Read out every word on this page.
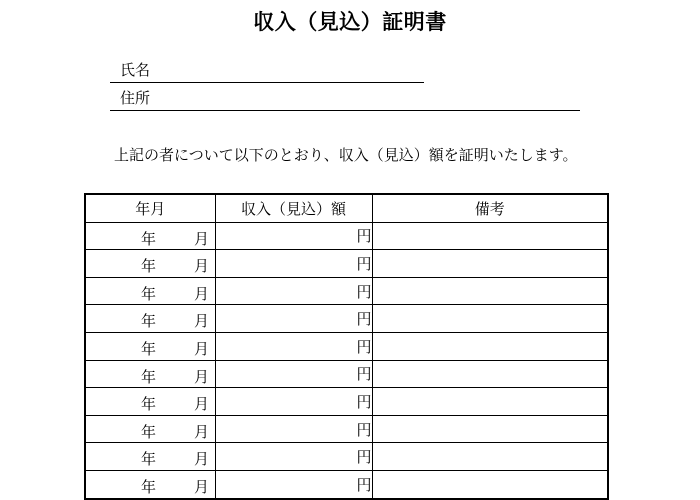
収入（見込）証明書
氏名
住所
上記の者について以下のとおり、収入（見込）額を証明いたします。
年月	収入（見込）額	備考

年 月	円	

年 月	円	

年 月	円	

年 月	円	

年 月	円	

年 月	円	

年 月	円	

年 月	円	

年 月	円	

年 月	円	
